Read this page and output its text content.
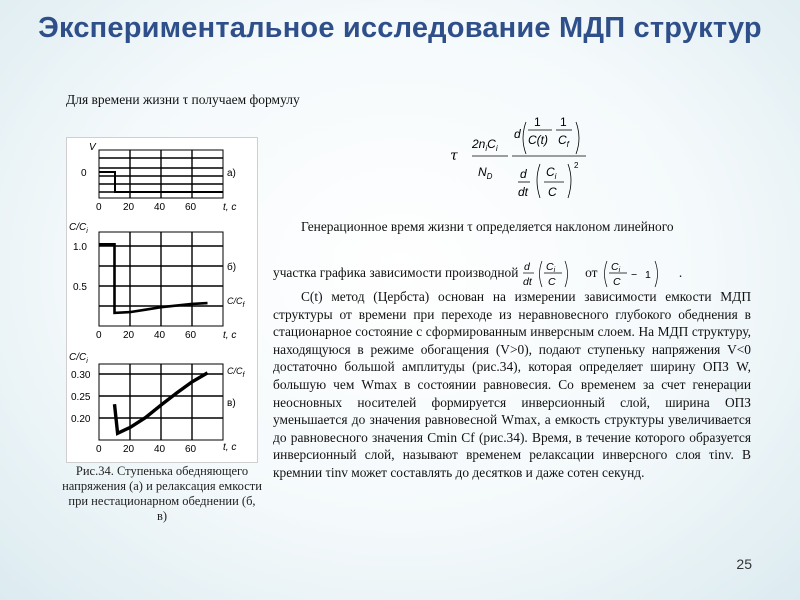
Экспериментальное исследование МДП структур
Для времени жизни τ получаем формулу
V
0	а)
0 20 40 60	t, c
$C/C_i$
1.0
0.5
б)
$C/C_f$
0 20 40 60	t, c
$C/C_i$
0.30
0.25
0.20
$C/C_f$
в)
0 20 40 60	t, c
Рис.34. Ступенька обедняющего напряжения (а) и релаксация емкости при нестационарном обеднении (б, в)
τ
$2n_iC_i$
$N_D$
d
1
C(t)
1
$C_f$
d
dt
$C_i$
C
2
Генерационное время жизни τ определяется наклоном линейного
участка графика зависимости производной d
dt
Ci
C
от Ci
C
− 1 .
C(t) метод (Цербста) основан на измерении зависимости емкости МДП структуры от времени при переходе из неравновесного глубокого обеднения в стационарное состояние с сформированным инверсным слоем. На МДП структуру, находящуюся в режиме обогащения (V>0), подают ступеньку напряжения V<0 достаточно большой амплитуды (рис.34), которая определяет ширину ОПЗ W, большую чем Wmax в состоянии равновесия. Со временем за счет генерации неосновных носителей формируется инверсионный слой, ширина ОПЗ уменьшается до значения равновесной Wmax, а емкость структуры увеличивается до равновесного значения Cmin Cf (рис.34). Время, в течение которого образуется инверсионный слой, называют временем релаксации инверсного слоя τinv. В кремнии τinv может составлять до десятков и даже сотен секунд.
25
